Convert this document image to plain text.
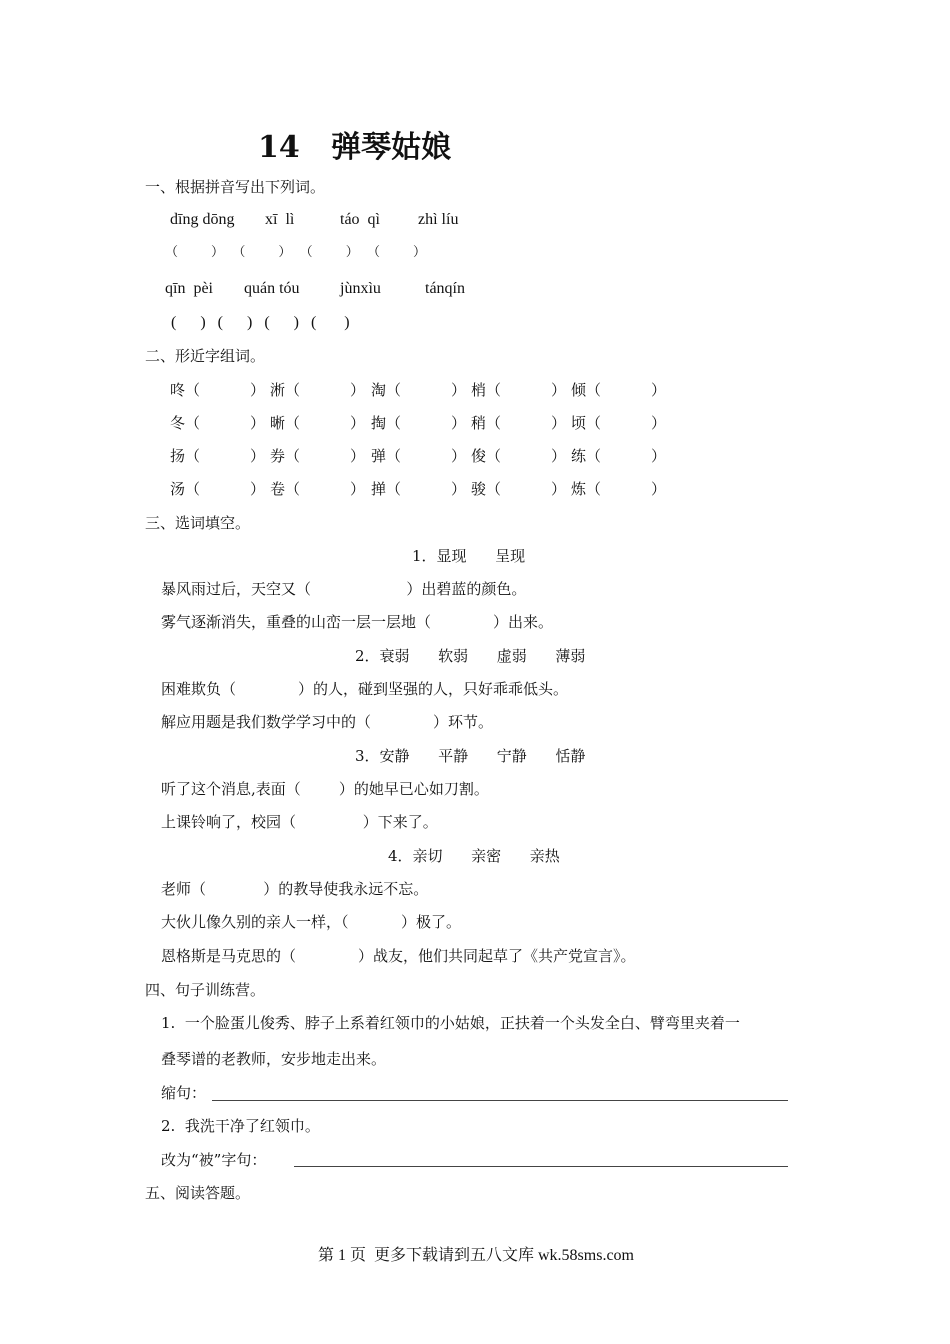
14   弹琴姑娘
一、根据拼音写出下列词。
dīng dōng xī  lì	táo  qì zhì líu
（        ）  （        ）  （        ）  （        ）
qīn  pèi quán tóu	jùnxìu	tánqín
(      )   (      )   (      )   (       )
二、形近字组词。
咚（	） 淅（	） 淘（	） 梢（	） 倾（	）
冬（	） 晰（	） 掏（	） 稍（	） 顷（	）
扬（	） 券（	） 弹（	） 俊（	） 练（	）
汤（	） 卷（	） 掸（	） 骏（	） 炼（	）
三、选词填空。
1．显现      呈现
暴风雨过后，天空又（                    ）出碧蓝的颜色。
雾气逐渐消失，重叠的山峦一层一层地（             ）出来。
2．衰弱      软弱      虚弱      薄弱
困难欺负（             ）的人，碰到坚强的人，只好乖乖低头。
解应用题是我们数学学习中的（             ）环节。
3．安静      平静      宁静      恬静
听了这个消息,表面（        ）的她早已心如刀割。
上课铃响了，校园（              ）下来了。
4．亲切      亲密      亲热
老师（            ）的教导使我永远不忘。
大伙儿像久别的亲人一样，（           ）极了。
恩格斯是马克思的（             ）战友，他们共同起草了《共产党宣言》。
四、句子训练营。
1.  一个脸蛋儿俊秀、脖子上系着红领巾的小姑娘，正扶着一个头发全白、臂弯里夹着一
叠琴谱的老教师，安步地走出来。
缩句：
2.  我洗干净了红领巾。
改为“被”字句：
五、阅读答题。
第 1 页  更多下载请到五八文库 wk.58sms.com
